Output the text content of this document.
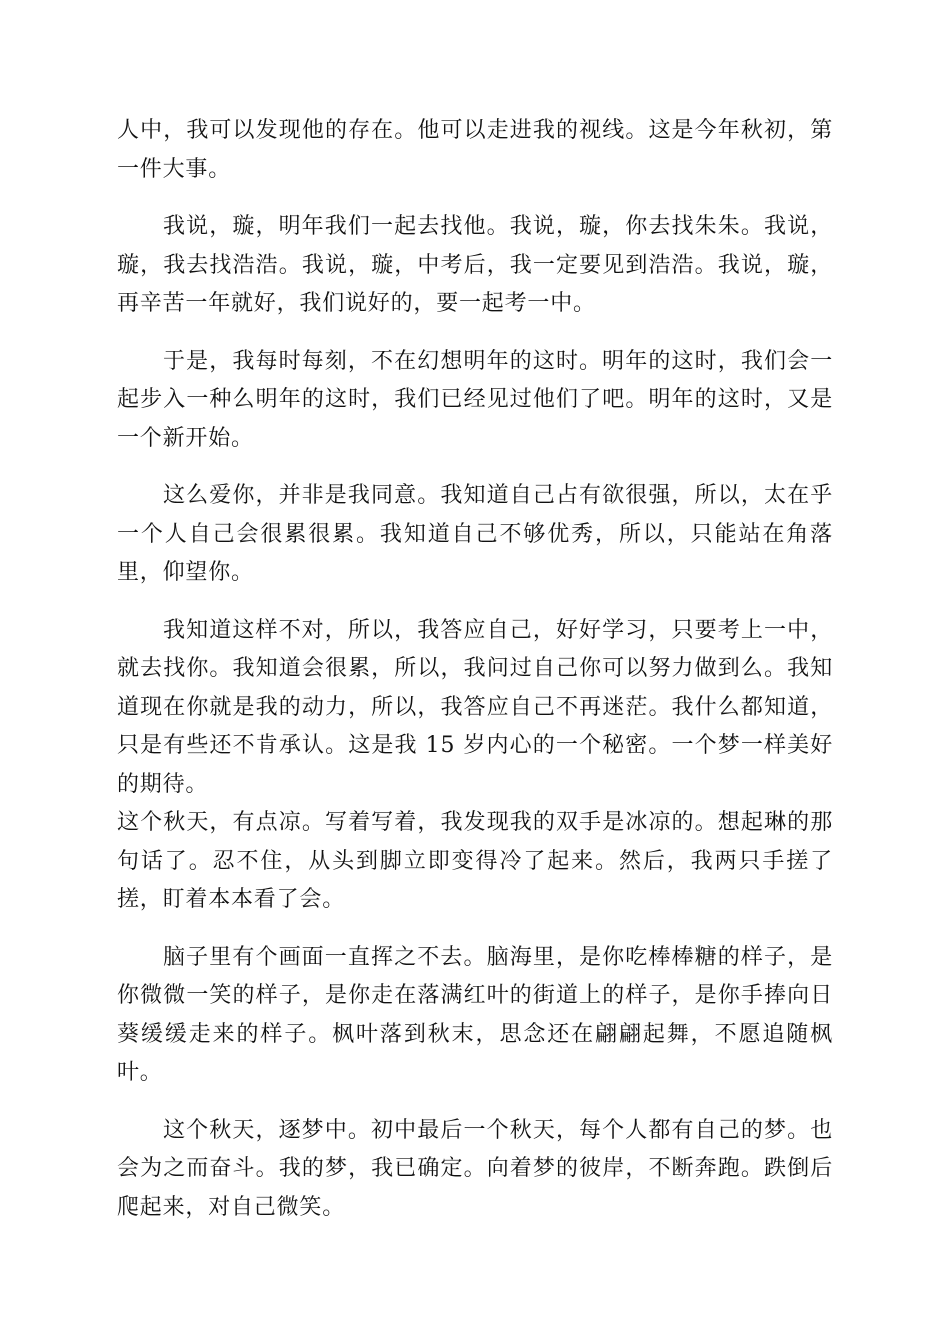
人中，我可以发现他的存在。他可以走进我的视线。这是今年秋初，第一件大事。

我说，璇，明年我们一起去找他。我说，璇，你去找朱朱。我说，璇，我去找浩浩。我说，璇，中考后，我一定要见到浩浩。我说，璇，再辛苦一年就好，我们说好的，要一起考一中。

于是，我每时每刻，不在幻想明年的这时。明年的这时，我们会一起步入一种么明年的这时，我们已经见过他们了吧。明年的这时，又是一个新开始。

这么爱你，并非是我同意。我知道自己占有欲很强，所以，太在乎一个人自己会很累很累。我知道自己不够优秀，所以，只能站在角落里，仰望你。

我知道这样不对，所以，我答应自己，好好学习，只要考上一中，就去找你。我知道会很累，所以，我问过自己你可以努力做到么。我知道现在你就是我的动力，所以，我答应自己不再迷茫。我什么都知道，只是有些还不肯承认。这是我 15 岁内心的一个秘密。一个梦一样美好的期待。

这个秋天，有点凉。写着写着，我发现我的双手是冰凉的。想起琳的那句话了。忍不住，从头到脚立即变得冷了起来。然后，我两只手搓了搓，盯着本本看了会。

脑子里有个画面一直挥之不去。脑海里，是你吃棒棒糖的样子，是你微微一笑的样子，是你走在落满红叶的街道上的样子，是你手捧向日葵缓缓走来的样子。枫叶落到秋末，思念还在翩翩起舞，不愿追随枫叶。

这个秋天，逐梦中。初中最后一个秋天，每个人都有自己的梦。也会为之而奋斗。我的梦，我已确定。向着梦的彼岸，不断奔跑。跌倒后爬起来，对自己微笑。
